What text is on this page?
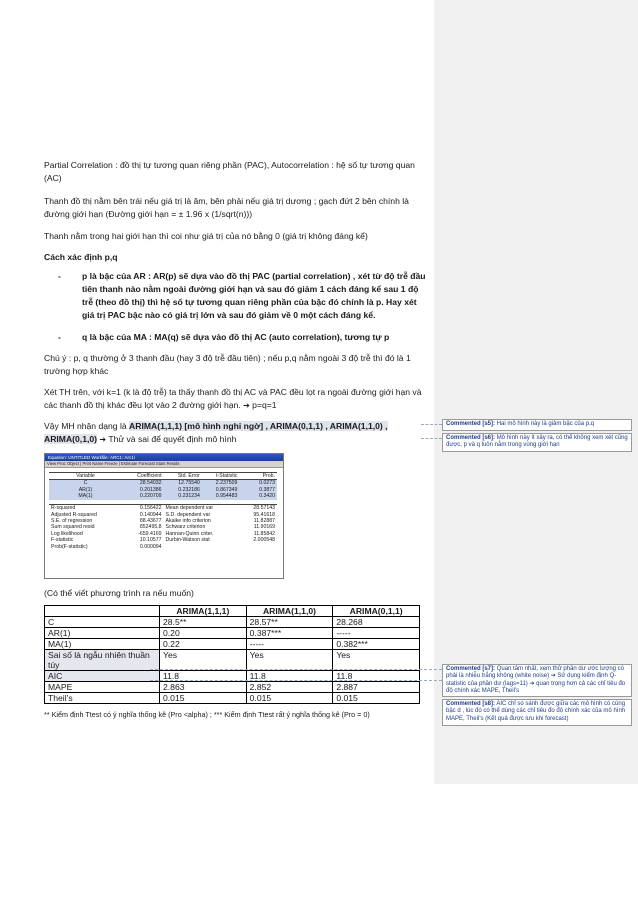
Partial Correlation : đồ thị tự tương quan riêng phần (PAC), Autocorrelation : hệ số tự tương quan (AC)

Thanh đồ thị nằm bên trái nếu giá trị là âm, bên phải nếu giá trị dương ; gạch đứt 2 bên chính là đường giới hạn (Đường giới hạn = ± 1.96 x (1/sqrt(n)))

Thanh nằm trong hai giới hạn thì coi như giá trị của nó bằng 0 (giá trị không đáng kể)

Cách xác định p,q

- p là bậc của AR : AR(p) sẽ dựa vào đồ thị PAC (partial correlation) , xét từ độ trễ đầu tiên thanh nào nằm ngoài đường giới hạn và sau đó giảm 1 cách đáng kể sau 1 độ trễ (theo đồ thị) thì hệ số tự tương quan riêng phần của bậc đó chính là p. Hay xét giá trị PAC bậc nào có giá trị lớn và sau đó giảm về 0 một cách đáng kể.
- q là bậc của MA : MA(q) sẽ dựa vào đồ thị AC (auto correlation), tương tự p

Chú ý : p, q thường ở 3 thanh đầu (hay 3 độ trễ đầu tiên) ; nếu p,q nằm ngoài 3 độ trễ thì đó là 1 trường hợp khác

Xét TH trên, với k=1 (k là độ trễ) ta thấy thanh đồ thị AC và PAC đều lọt ra ngoài đường giới hạn và các thanh đồ thị khác đều lọt vào 2 đường giới hạn. ➔ p=q=1

Vậy MH nhận dạng là ARIMA(1,1,1) [mô hình nghi ngờ] , ARIMA(0,1,1) , ARIMA(1,1,0) , ARIMA(0,1,0) ➔ Thử và sai để quyết định mô hình

Equation: UNTITLED Workfile: ARC1::Arc1\
View Proc Object | Print Name Freeze | Estimate Forecast Stats Resids
Variable	Coefficient	Std. Error	t-Statistic	Prob.
C	28.54032	12.75540	2.237509	0.0273
AR(1)	0.201386	0.232186	0.867349	0.3877
MA(1)	0.220709	0.231234	0.954483	0.3420

R-squared	0.156422	Mean dependent var		28.57143
Adjusted R-squared	0.140944	S.D. dependent var		95.41618
S.E. of regression	88.43677	Akaike info criterion		11.82887
Sum squared resid	852495.8	Schwarz criterion		11.90169
Log likelihood	-659.4169	Hannan-Quinn criter.		11.85842
F-statistic	10.10577	Durbin-Watson stat		2.000548
Prob(F-statistic)	0.000094			
(Có thể viết phương trình ra nếu muốn)
	ARIMA(1,1,1)	ARIMA(1,1,0)	ARIMA(0,1,1)
C	28.5**	28.57**	28.268
AR(1)	0.20	0.387***	-----
MA(1)	0.22	-----	0.382***
Sai số là ngẫu nhiên thuần túy	Yes	Yes	Yes
AIC	11.8	11.8	11.8
MAPE	2.863	2.852	2.887
Theil’s	0.015	0.015	0.015
** Kiểm định Ttest có ý nghĩa thống kê (Pro <alpha) ; *** Kiểm định Ttest rất ý nghĩa thống kê (Pro = 0)
Commented [s5]: Hai mô hình này là giảm bậc của p,q
Commented [s6]: Mô hình này ít xảy ra, có thể không xem xét cũng được, p và q luôn nằm trong vùng giới hạn
Commented [s7]: Quan tâm nhất, xem thử phần dư ước lượng có phải là nhiễu trắng không (white noise) ➔ Sử dụng kiểm định Q-statistic của phần dư (lags=11) ➔ quan trọng hơn cả các chỉ tiêu đo độ chính xác MAPE, Theil’s
Commented [s8]: AIC chỉ so sánh được giữa các mô hình có cùng bậc d , lúc đó có thể dùng các chỉ tiêu đo độ chính xác của mô hình MAPE, Theil’s (Kết quả được lưu khi forecast)
